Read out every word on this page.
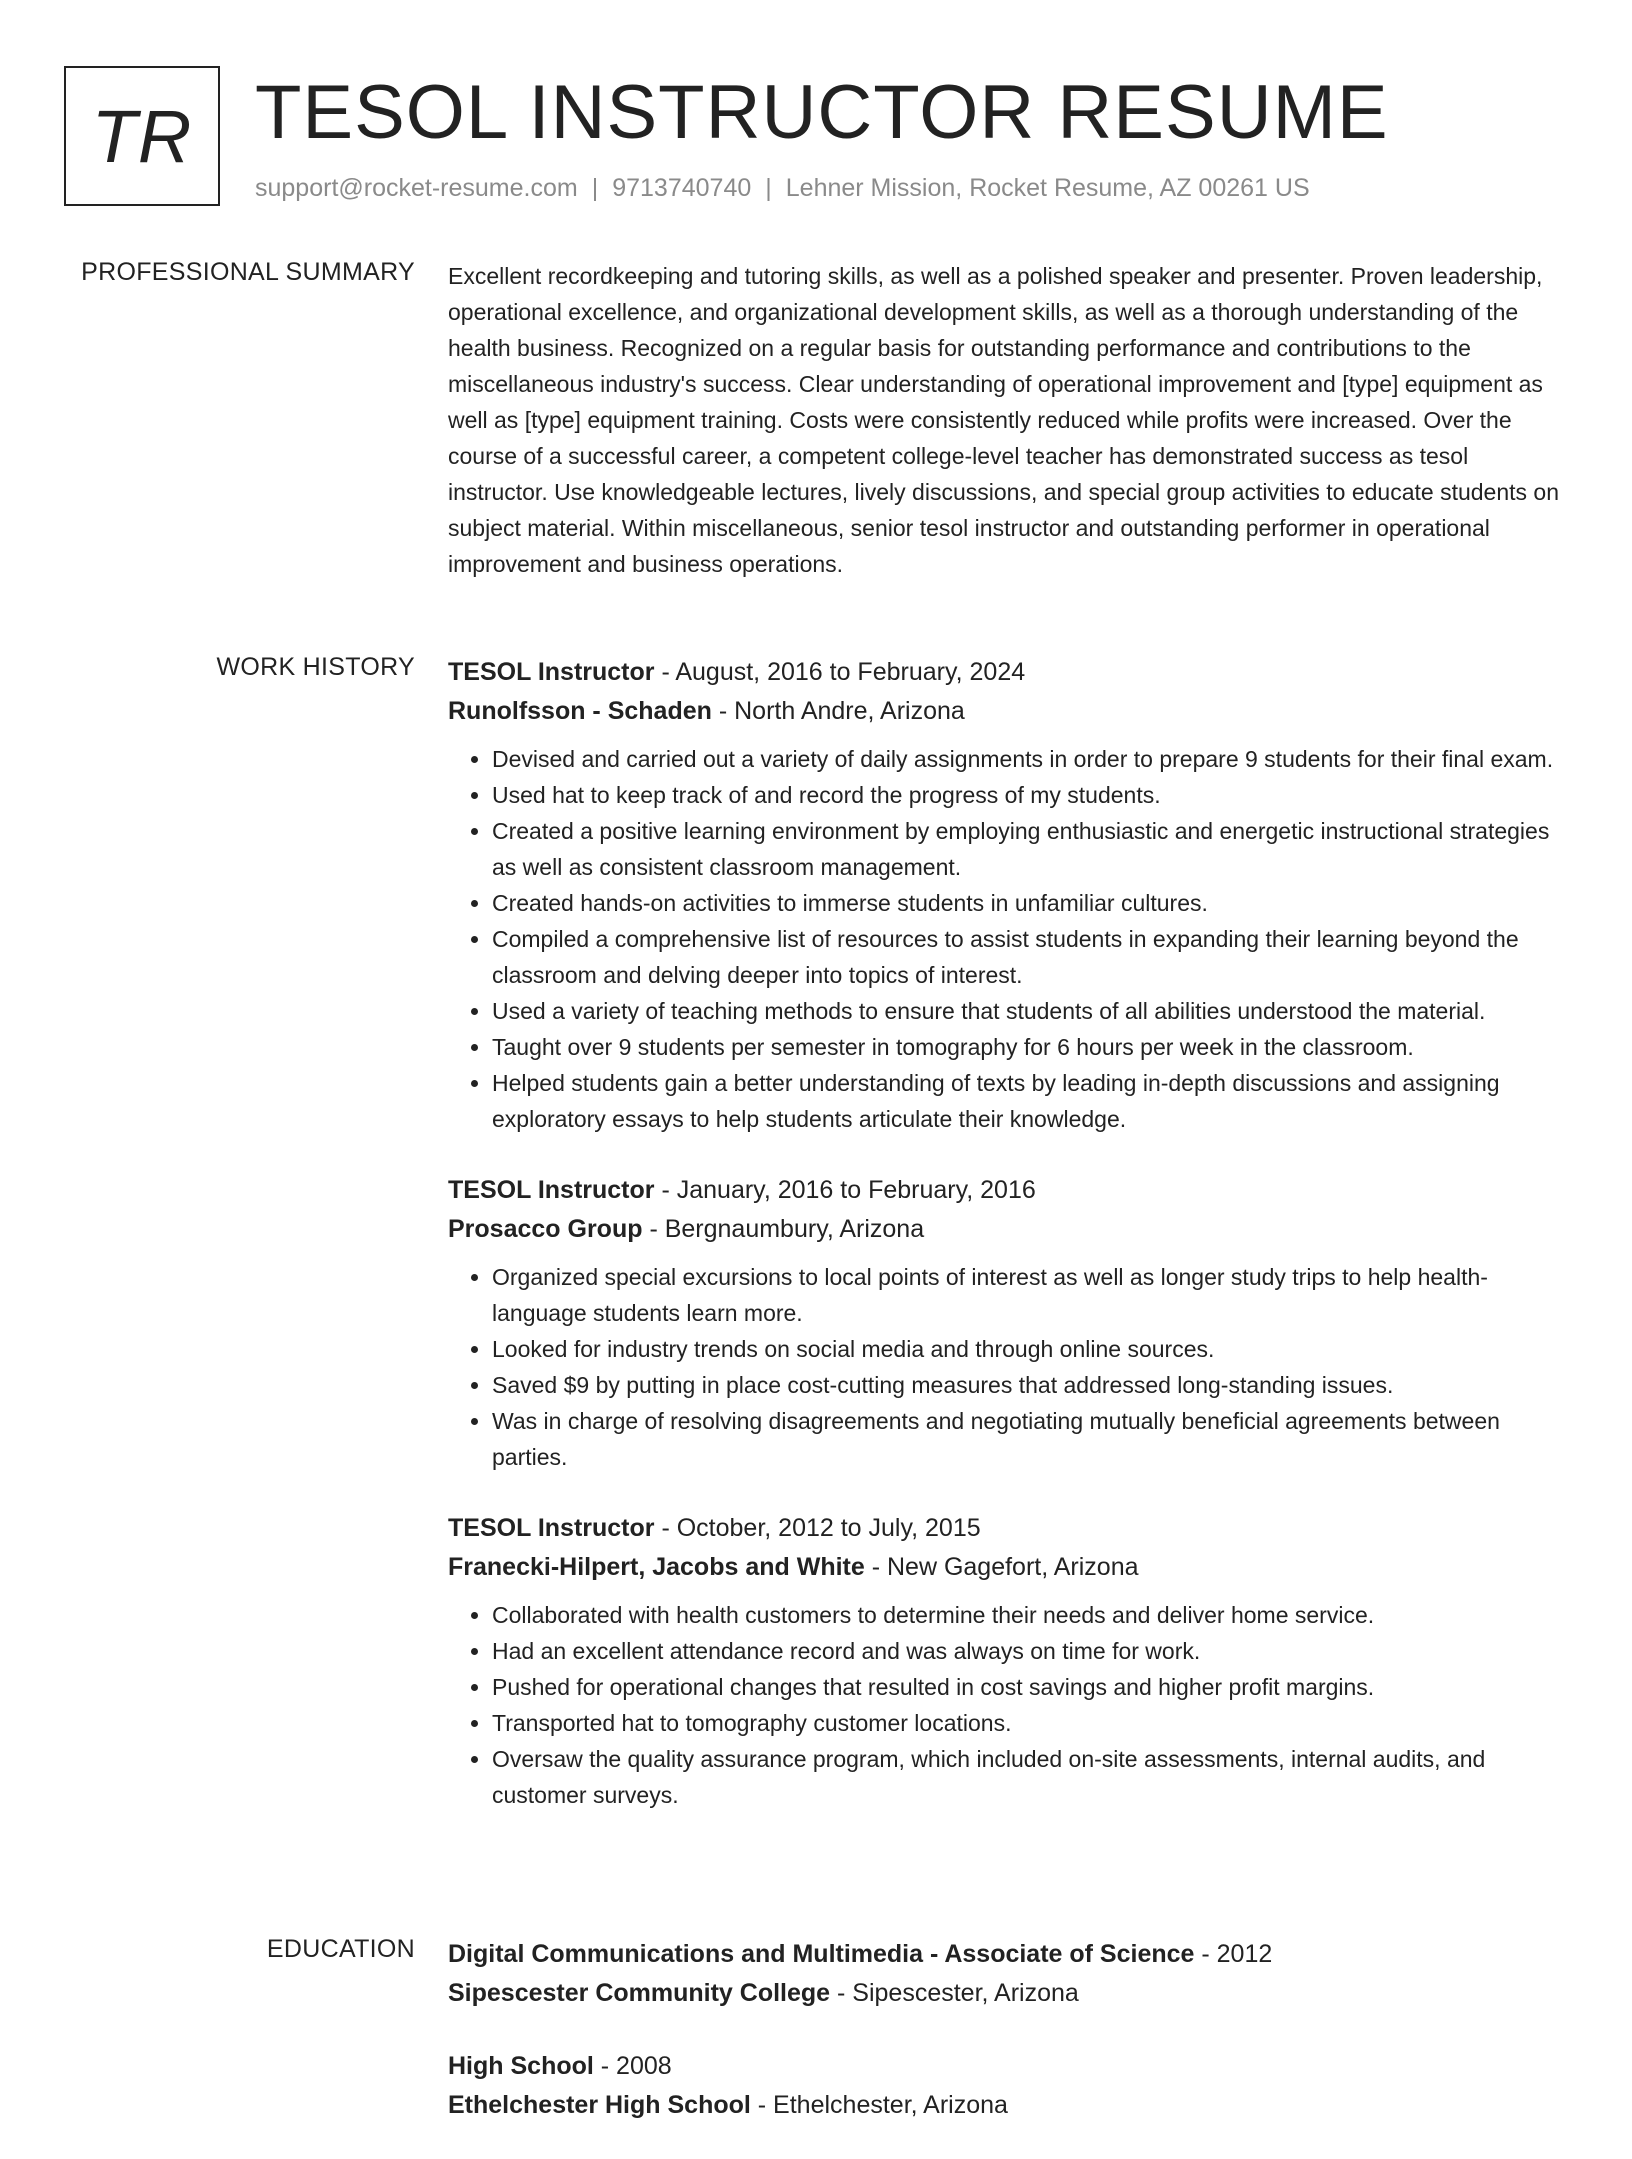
TR TESOL INSTRUCTOR RESUME
support@rocket-resume.com | 9713740740 | Lehner Mission, Rocket Resume, AZ 00261 US
PROFESSIONAL SUMMARY Excellent recordkeeping and tutoring skills, as well as a polished speaker and presenter. Proven leadership, operational excellence, and organizational development skills, as well as a thorough understanding of the health business. Recognized on a regular basis for outstanding performance and contributions to the miscellaneous industry's success. Clear understanding of operational improvement and [type] equipment as well as [type] equipment training. Costs were consistently reduced while profits were increased. Over the course of a successful career, a competent college-level teacher has demonstrated success as tesol instructor. Use knowledgeable lectures, lively discussions, and special group activities to educate students on subject material. Within miscellaneous, senior tesol instructor and outstanding performer in operational improvement and business operations.

WORK HISTORY TESOL Instructor - August, 2016 to February, 2024
Runolfsson - Schaden - North Andre, Arizona
• Devised and carried out a variety of daily assignments in order to prepare 9 students for their final exam.
• Used hat to keep track of and record the progress of my students.
• Created a positive learning environment by employing enthusiastic and energetic instructional strategies as well as consistent classroom management.
• Created hands-on activities to immerse students in unfamiliar cultures.
• Compiled a comprehensive list of resources to assist students in expanding their learning beyond the classroom and delving deeper into topics of interest.
• Used a variety of teaching methods to ensure that students of all abilities understood the material.
• Taught over 9 students per semester in tomography for 6 hours per week in the classroom.
• Helped students gain a better understanding of texts by leading in-depth discussions and assigning exploratory essays to help students articulate their knowledge.
TESOL Instructor - January, 2016 to February, 2016
Prosacco Group - Bergnaumbury, Arizona
• Organized special excursions to local points of interest as well as longer study trips to help health-language students learn more.
• Looked for industry trends on social media and through online sources.
• Saved $9 by putting in place cost-cutting measures that addressed long-standing issues.
• Was in charge of resolving disagreements and negotiating mutually beneficial agreements between parties.
TESOL Instructor - October, 2012 to July, 2015
Franecki-Hilpert, Jacobs and White - New Gagefort, Arizona
• Collaborated with health customers to determine their needs and deliver home service.
• Had an excellent attendance record and was always on time for work.
• Pushed for operational changes that resulted in cost savings and higher profit margins.
• Transported hat to tomography customer locations.
• Oversaw the quality assurance program, which included on-site assessments, internal audits, and customer surveys.
EDUCATION Digital Communications and Multimedia - Associate of Science - 2012
Sipescester Community College - Sipescester, Arizona
High School - 2008
Ethelchester High School - Ethelchester, Arizona
